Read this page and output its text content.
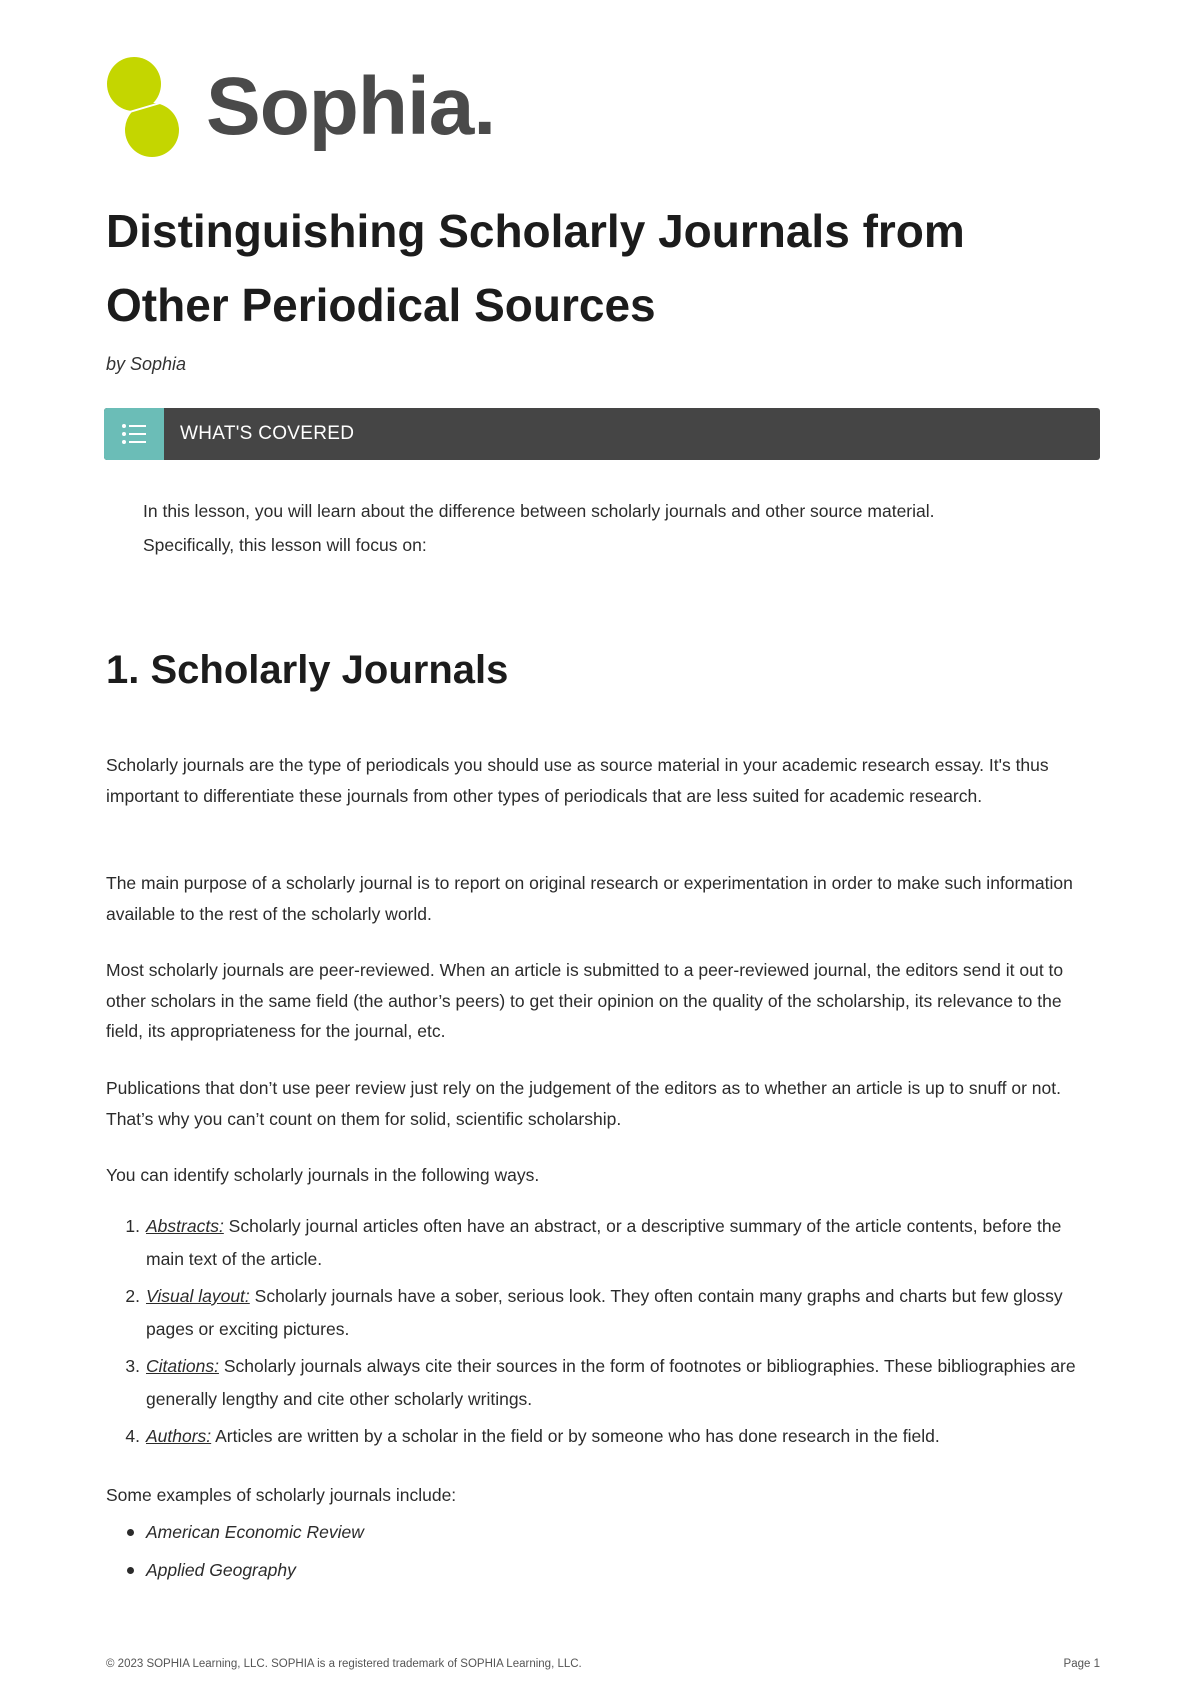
Sophia.
Distinguishing Scholarly Journals from Other Periodical Sources
by Sophia
WHAT'S COVERED

In this lesson, you will learn about the difference between scholarly journals and other source material. Specifically, this lesson will focus on:

1. Scholarly Journals

Scholarly journals are the type of periodicals you should use as source material in your academic research essay. It's thus important to differentiate these journals from other types of periodicals that are less suited for academic research.

The main purpose of a scholarly journal is to report on original research or experimentation in order to make such information available to the rest of the scholarly world.

Most scholarly journals are peer-reviewed. When an article is submitted to a peer-reviewed journal, the editors send it out to other scholars in the same field (the author’s peers) to get their opinion on the quality of the scholarship, its relevance to the field, its appropriateness for the journal, etc.

Publications that don’t use peer review just rely on the judgement of the editors as to whether an article is up to snuff or not. That’s why you can’t count on them for solid, scientific scholarship.

You can identify scholarly journals in the following ways.

1. Abstracts: Scholarly journal articles often have an abstract, or a descriptive summary of the article contents, before the main text of the article.
2. Visual layout: Scholarly journals have a sober, serious look. They often contain many graphs and charts but few glossy pages or exciting pictures.
3. Citations: Scholarly journals always cite their sources in the form of footnotes or bibliographies. These bibliographies are generally lengthy and cite other scholarly writings.
4. Authors: Articles are written by a scholar in the field or by someone who has done research in the field.

Some examples of scholarly journals include:

American Economic Review
Applied Geography
© 2023 SOPHIA Learning, LLC. SOPHIA is a registered trademark of SOPHIA Learning, LLC.	Page 1
